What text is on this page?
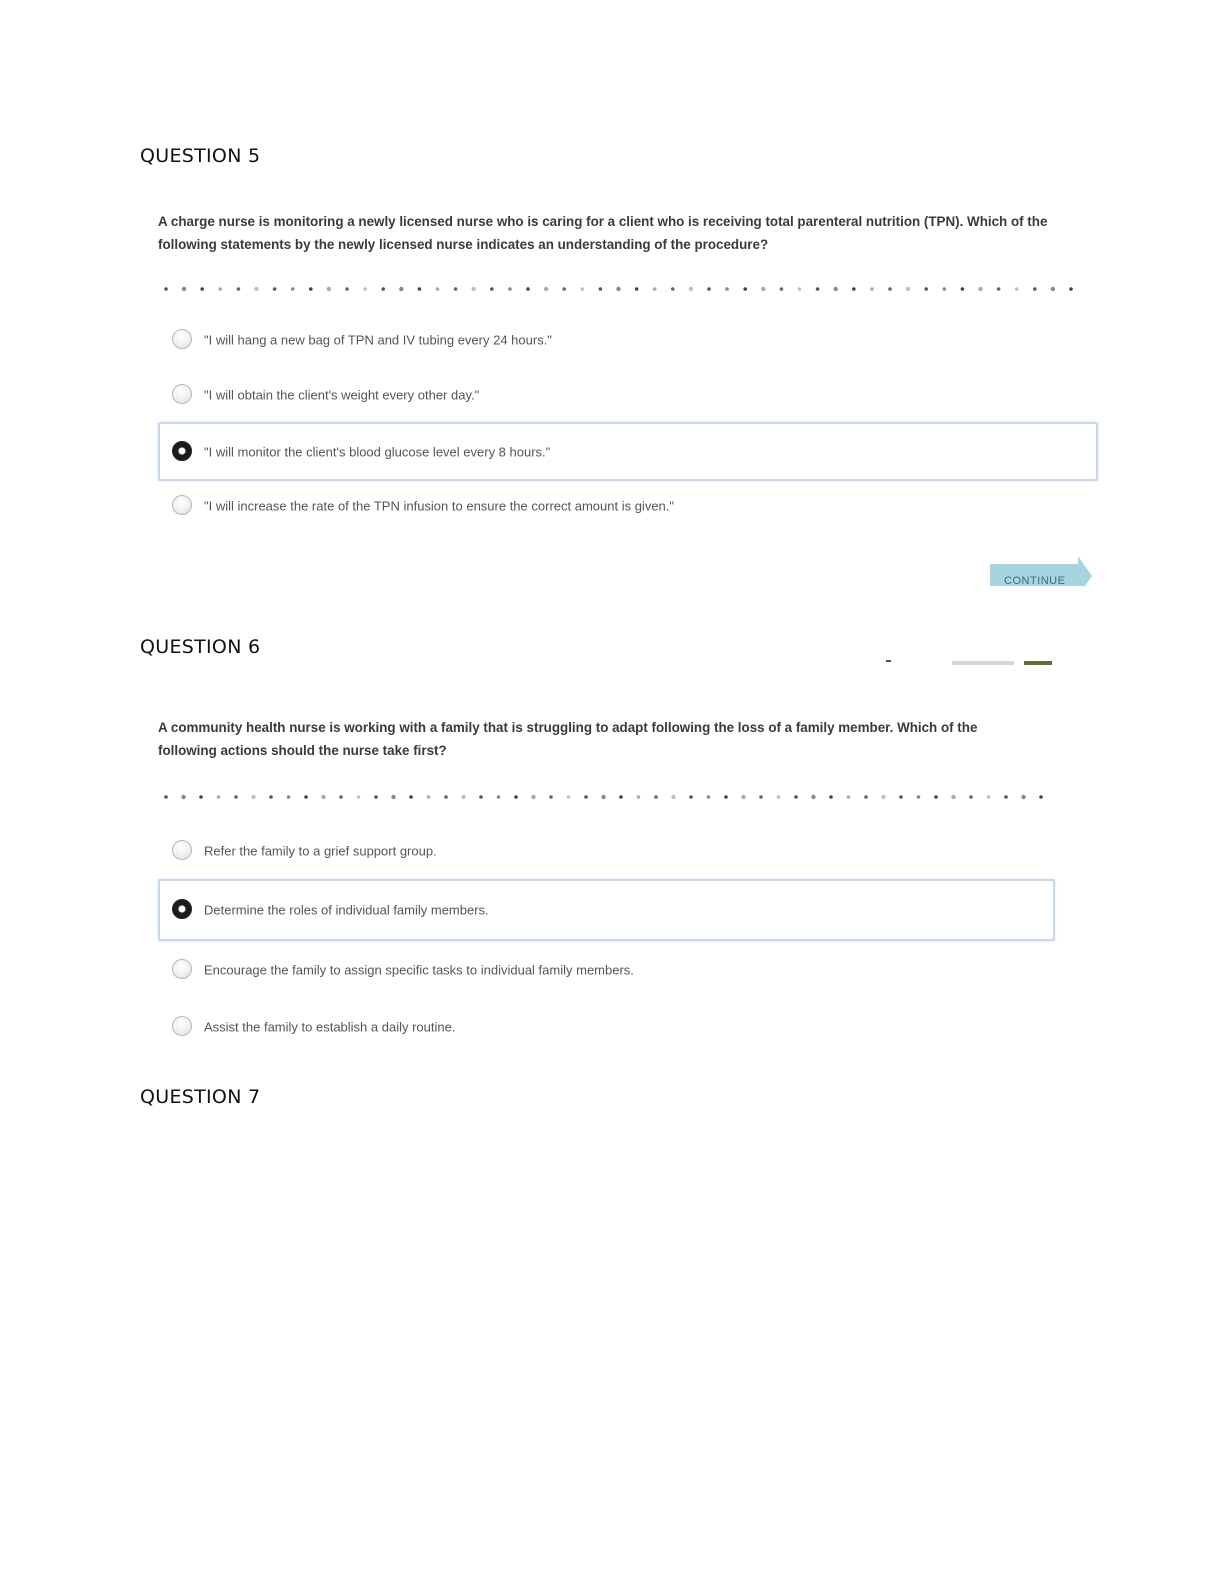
QUESTION 5
A charge nurse is monitoring a newly licensed nurse who is caring for a client who is receiving total parenteral nutrition (TPN). Which of the following statements by the newly licensed nurse indicates an understanding of the procedure?
"I will hang a new bag of TPN and IV tubing every 24 hours."
"I will obtain the client's weight every other day."
"I will monitor the client's blood glucose level every 8 hours."
"I will increase the rate of the TPN infusion to ensure the correct amount is given."
CONTINUE
QUESTION 6
A community health nurse is working with a family that is struggling to adapt following the loss of a family member. Which of the following actions should the nurse take first?
Refer the family to a grief support group.
Determine the roles of individual family members.
Encourage the family to assign specific tasks to individual family members.
Assist the family to establish a daily routine.
QUESTION 7
